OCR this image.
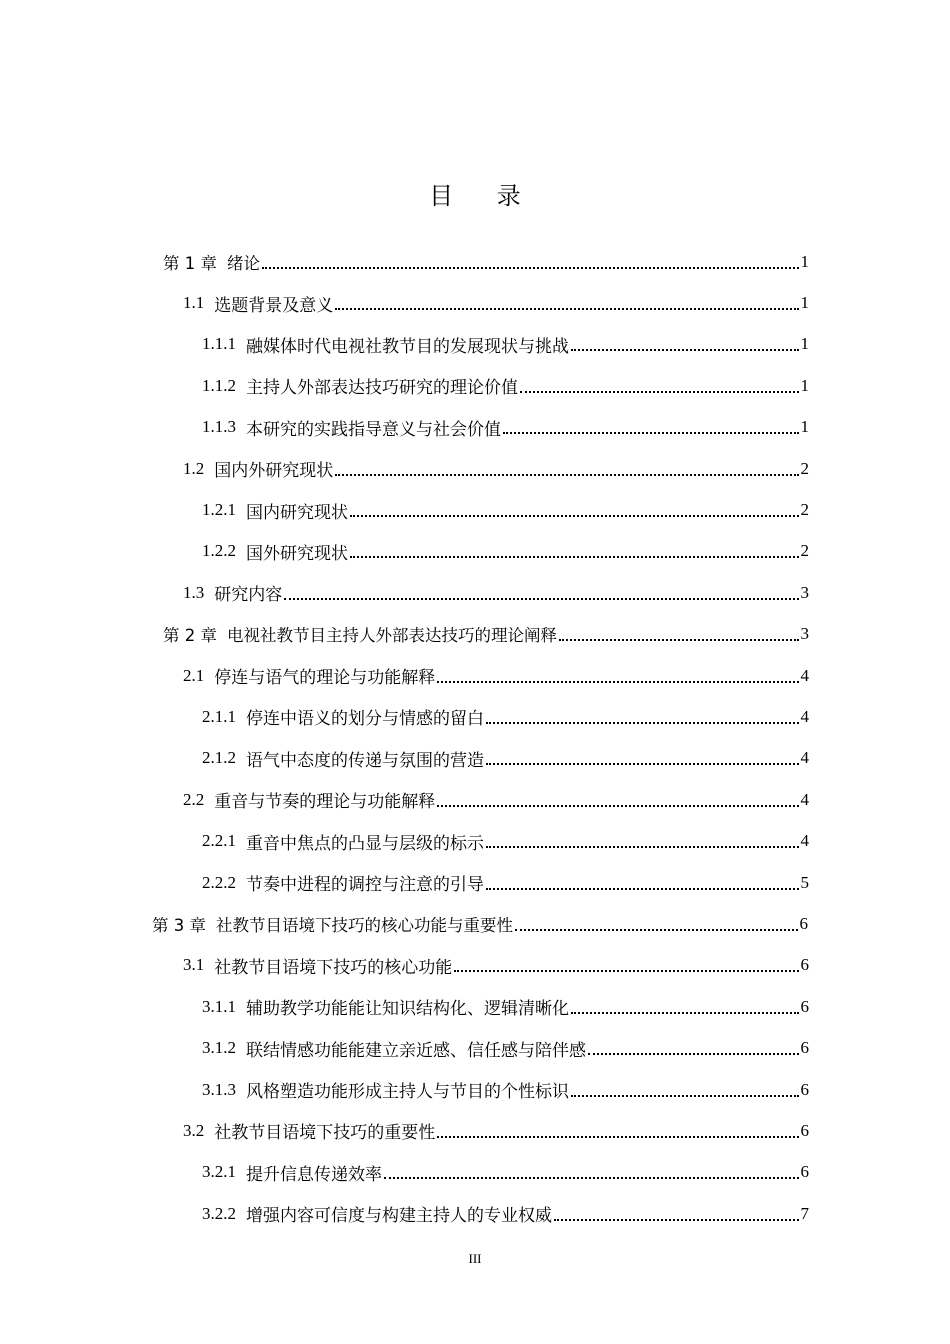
目 录
第 1 章 绪论	1
1.1 选题背景及意义	1
1.1.1 融媒体时代电视社教节目的发展现状与挑战	1
1.1.2 主持人外部表达技巧研究的理论价值	1
1.1.3 本研究的实践指导意义与社会价值	1
1.2 国内外研究现状	2
1.2.1 国内研究现状	2
1.2.2 国外研究现状	2
1.3 研究内容	3
第 2 章 电视社教节目主持人外部表达技巧的理论阐释	3
2.1 停连与语气的理论与功能解释	4
2.1.1 停连中语义的划分与情感的留白	4
2.1.2 语气中态度的传递与氛围的营造	4
2.2 重音与节奏的理论与功能解释	4
2.2.1 重音中焦点的凸显与层级的标示	4
2.2.2 节奏中进程的调控与注意的引导	5
第 3 章 社教节目语境下技巧的核心功能与重要性	6
3.1 社教节目语境下技巧的核心功能	6
3.1.1 辅助教学功能能让知识结构化、逻辑清晰化	6
3.1.2 联结情感功能能建立亲近感、信任感与陪伴感	6
3.1.3 风格塑造功能形成主持人与节目的个性标识	6
3.2 社教节目语境下技巧的重要性	6
3.2.1 提升信息传递效率	6
3.2.2 增强内容可信度与构建主持人的专业权威	7
III
